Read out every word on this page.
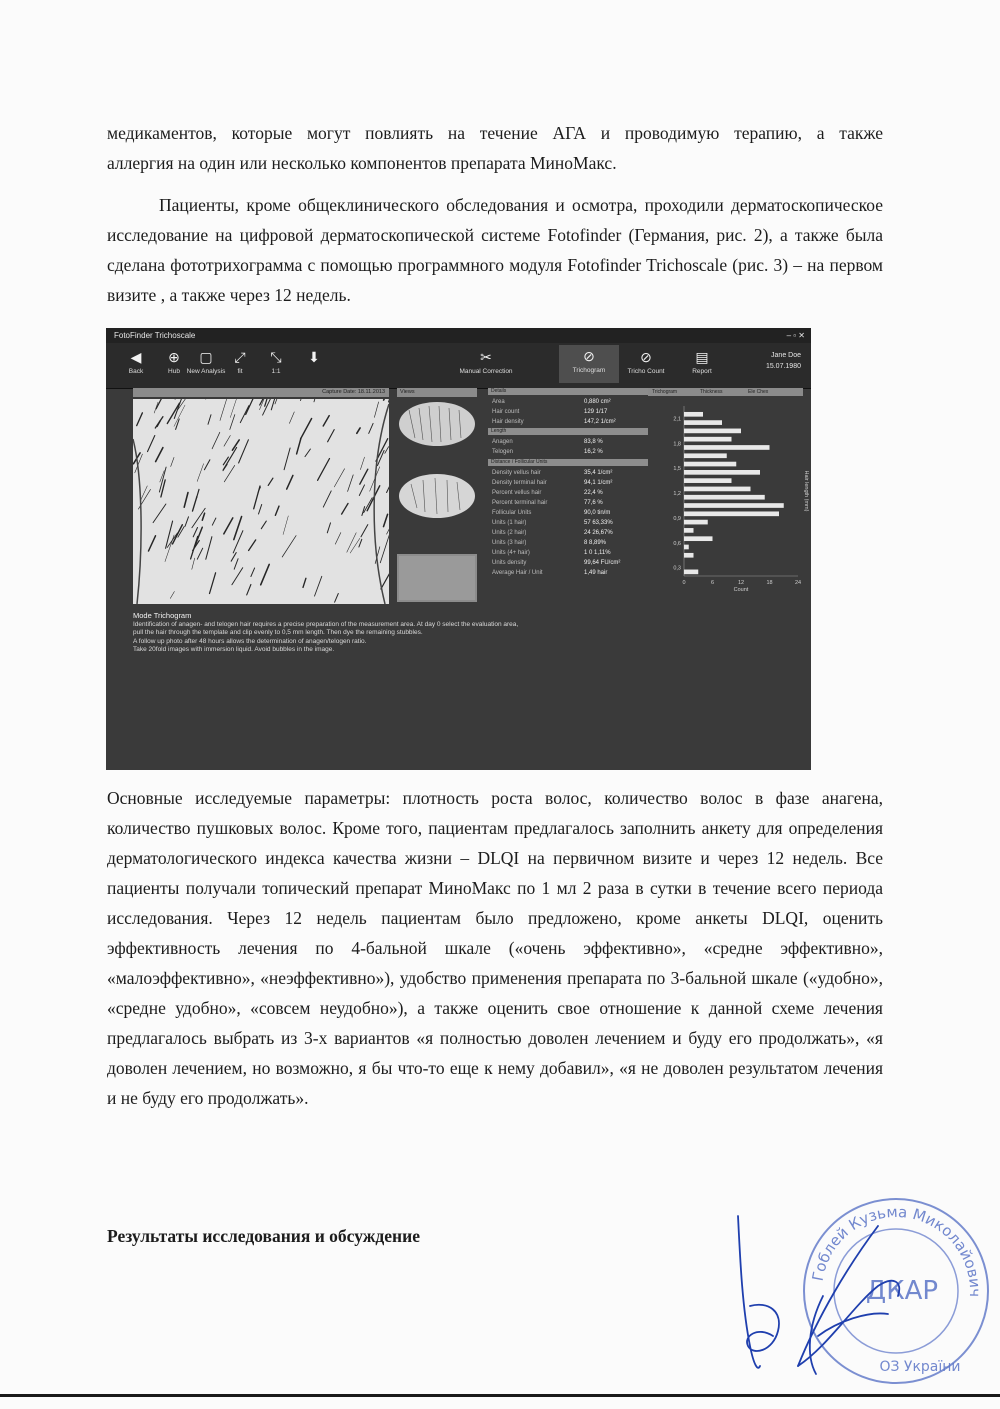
медикаментов, которые могут повлиять на течение АГА и проводимую терапию, а также

аллергия на один или несколько компонентов препарата МиноМакс.

Пациенты, кроме общеклинического обследования и осмотра, проходили дерматоскопическое исследование на цифровой дерматоскопической системе Fotofinder (Германия, рис. 2), а также была сделана фототрихограмма с помощью программного модуля Fotofinder Trichoscale (рис. 3) – на первом визите , а также через 12 недель.

FotoFinder Trichoscale	– ▫ ✕
◀
Back
⊕
Hub
▢
New Analysis
⤢
fit
⤡
1:1
⬇	✂
Manual Correction
⊘
Trichogram
⊘
Tricho Count
▤
Report
Jane Doe
15.07.1980
Capture Date: 18.11.2013	Views	Details
Area	0,880 cm²
Hair count	129 1/17
Hair density	147,2 1/cm²
Length
Anagen	83,8 %
Telogen	16,2 %
Distance / Follicular Units
Density vellus hair	35,4 1/cm²
Density terminal hair	94,1 1/cm²
Percent vellus hair	22,4 %
Percent terminal hair	77,6 %
Follicular Units	90,0 tin/m
Units (1 hair)	57 63,33%
Units (2 hair)	24 26,67%
Units (3 hair)	8 8,89%
Units (4+ hair)	1 0 1,11%
Units density	99,64 FU/cm²
Average Hair / Unit	1,49 hair
Trichogram	Thickness	Ele Chex
0,3
0,6
0,9
1,2
1,5
1,8
2,1
0	6	12	18	24
Count
Hair length (mm)
Mode Trichogram
Identification of anagen- and telogen hair requires a precise preparation of the measurement area. At day 0 select the evaluation area,
pull the hair through the template and clip evenly to 0,5 mm length. Then dye the remaining stubbles.
A follow up photo after 48 hours allows the determination of anagen/telogen ratio.
Take 20fold images with immersion liquid. Avoid bubbles in the image.

Основные исследуемые параметры: плотность роста волос, количество волос в фазе анагена, количество пушковых волос. Кроме того, пациентам предлагалось заполнить анкету для определения дерматологического индекса качества жизни – DLQI на первичном визите и через 12 недель. Все пациенты получали топический препарат МиноМакс по 1 мл 2 раза в сутки в течение всего периода исследования. Через 12 недель пациентам было предложено, кроме анкеты DLQI, оценить эффективность лечения по 4-бальной шкале («очень эффективно», «средне эффективно», «малоэффективно», «неэффективно»), удобство применения препарата по 3-бальной шкале («удобно», «средне удобно», «совсем неудобно»), а также оценить свое отношение к данной схеме лечения предлагалось выбрать из 3-х вариантов «я полностью доволен лечением и буду его продолжать», «я доволен лечением, но возможно, я бы что-то еще к нему добавил», «я не доволен результатом лечения и не буду его продолжать».

Результаты исследования и обсуждение
Гоблей Кузьма Миколайович
ДКАР
ОЗ України
